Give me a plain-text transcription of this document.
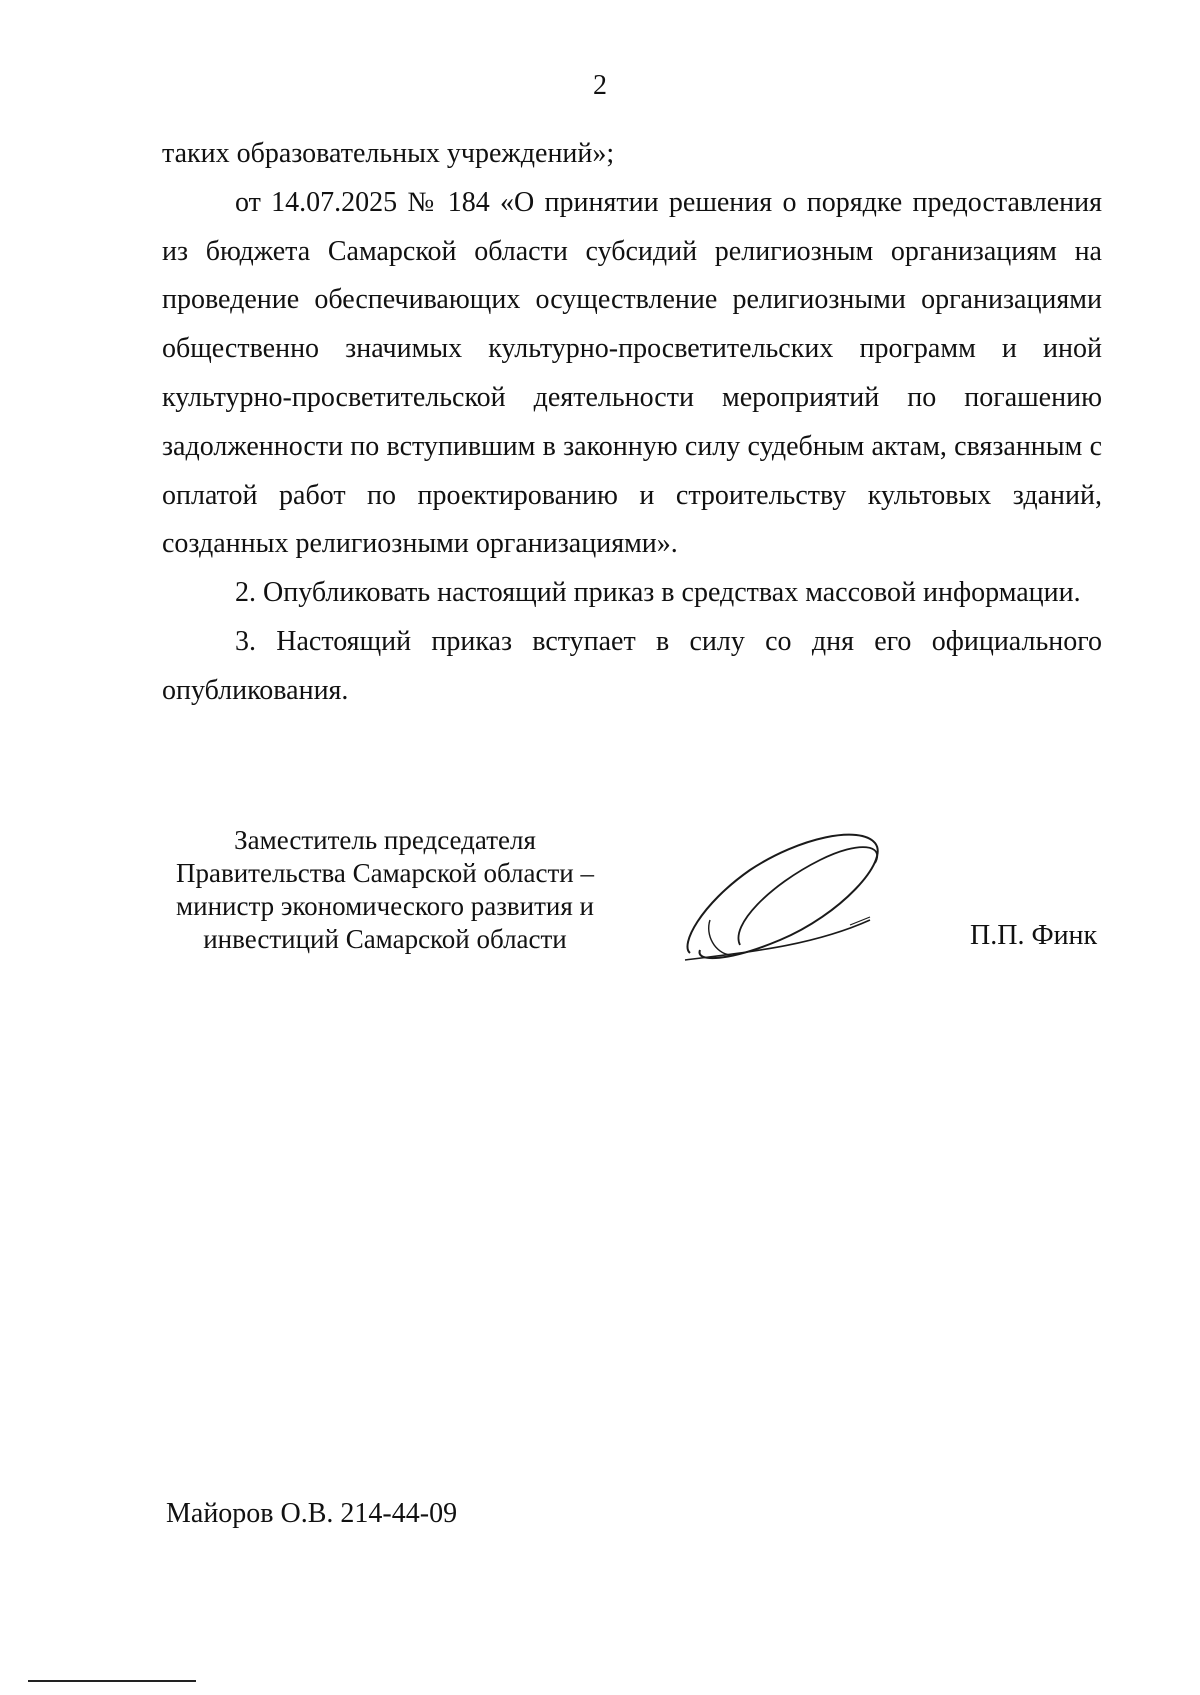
2

таких образовательных учреждений»;

от 14.07.2025 № 184 «О принятии решения о порядке предоставления из бюджета Самарской области субсидий религиозным организациям на проведение обеспечивающих осуществление религиозными организациями общественно значимых культурно-просветительских программ и иной культурно-просветительской деятельности мероприятий по погашению задолженности по вступившим в законную силу судебным актам, связанным с оплатой работ по проектированию и строительству культовых зданий, созданных религиозными организациями».

2. Опубликовать настоящий приказ в средствах массовой информации.

3. Настоящий приказ вступает в силу со дня его официального опубликования.

Заместитель председателя
Правительства Самарской области –
министр экономического развития и
инвестиций Самарской области	П.П. Финк
Майоров О.В. 214-44-09
